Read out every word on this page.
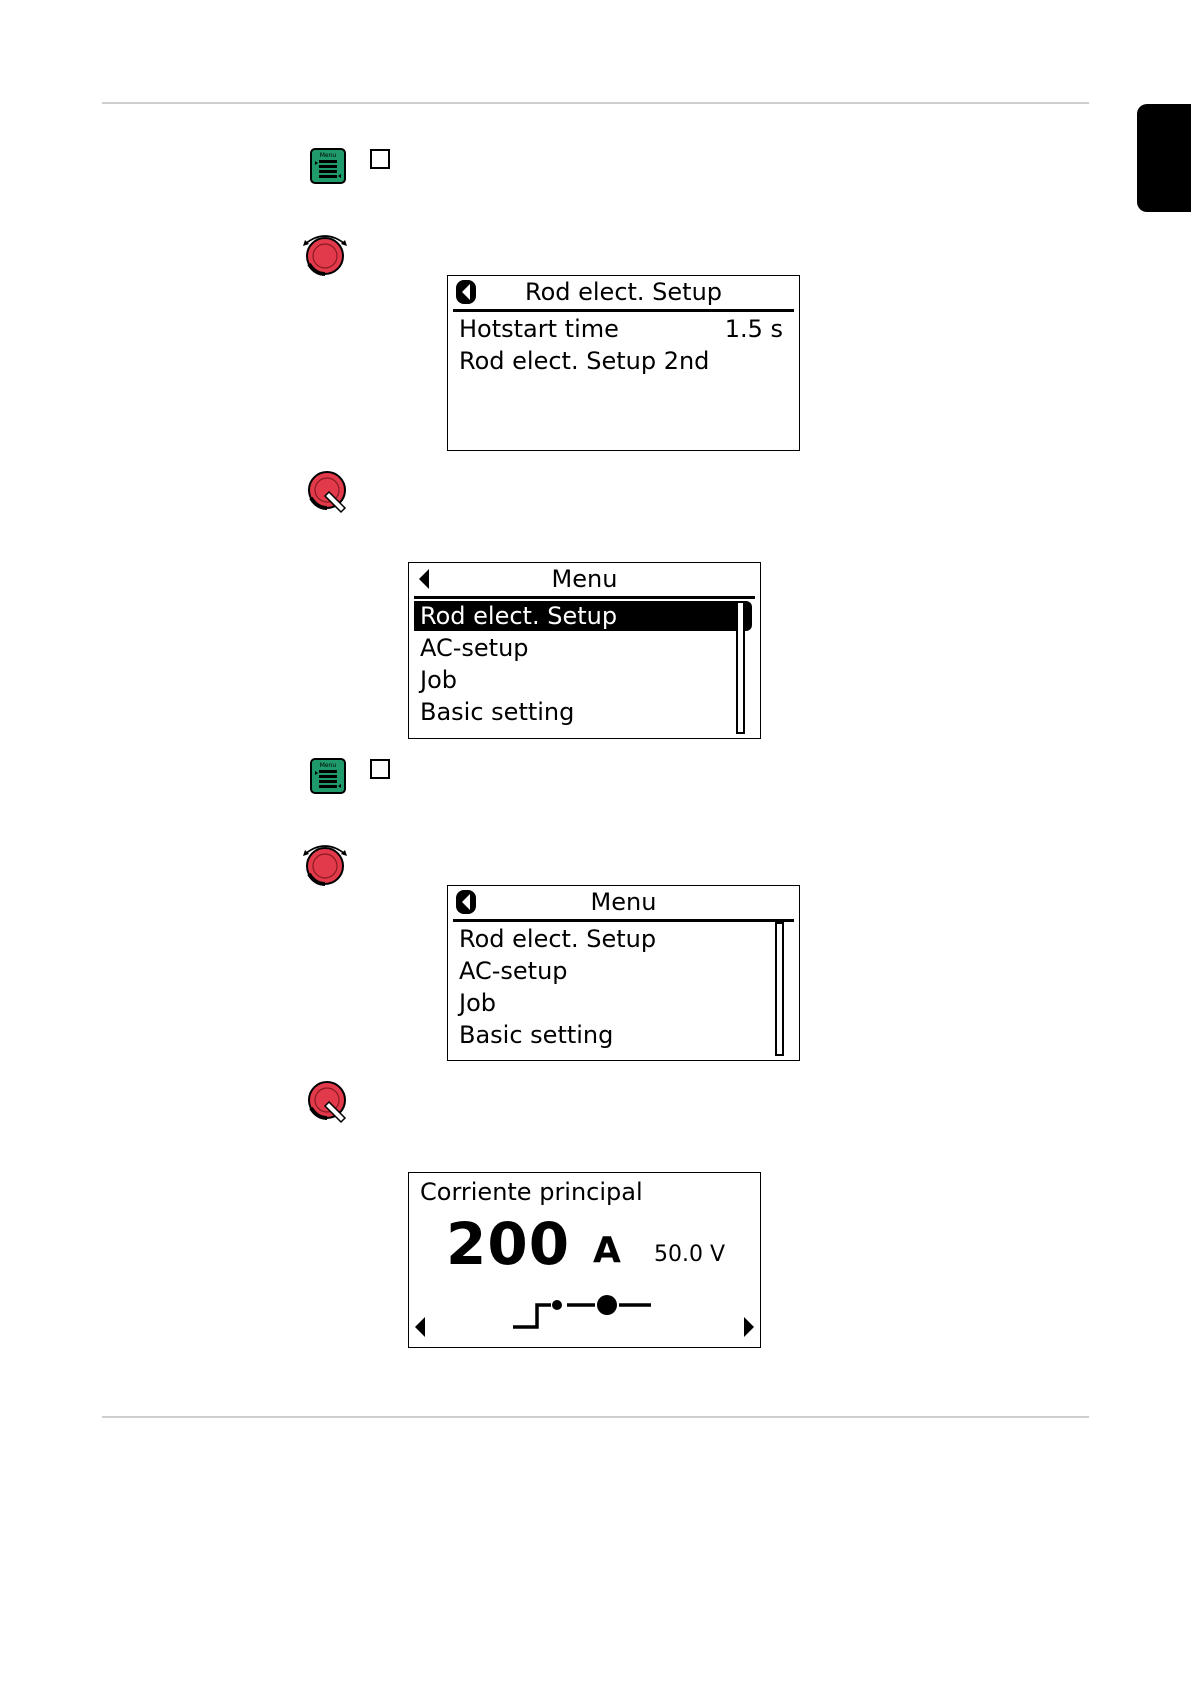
Menu
Rod elect. Setup
Hotstart time	1.5 s
Rod elect. Setup 2nd
Menu
Rod elect. Setup
AC-setup
Job
Basic setting
Menu
Menu
Rod elect. Setup
AC-setup
Job
Basic setting
Corriente principal
200 A 50.0 V
